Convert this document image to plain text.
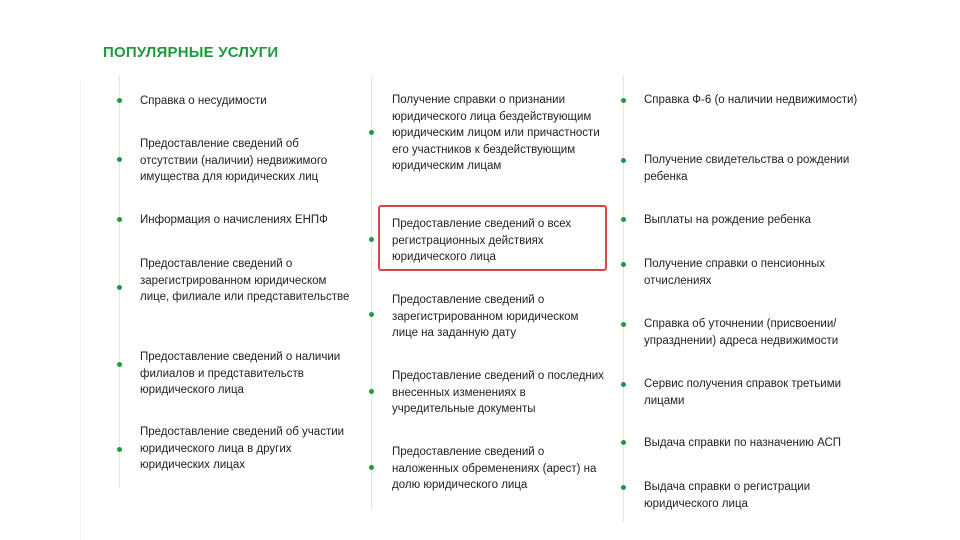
ПОПУЛЯРНЫЕ УСЛУГИ
Справка о несудимости
Предоставление сведений об отсутствии (наличии) недвижимого имущества для юридических лиц
Информация о начислениях ЕНПФ
Предоставление сведений о зарегистрированном юридическом лице, филиале или представительстве
Предоставление сведений о наличии филиалов и представительств юридического лица
Предоставление сведений об участии юридического лица в других юридических лицах
Получение справки о признании юридического лица бездействующим юридическим лицом или причастности его участников к бездействующим юридическим лицам
Предоставление сведений о всех регистрационных действиях юридического лица
Предоставление сведений о зарегистрированном юридическом лице на заданную дату
Предоставление сведений о последних внесенных изменениях в учредительные документы
Предоставление сведений о наложенных обременениях (арест) на долю юридического лица
Справка Ф-6 (о наличии недвижимости)
Получение свидетельства о рождении ребенка
Выплаты на рождение ребенка
Получение справки о пенсионных отчислениях
Справка об уточнении (присвоении/упразднении) адреса недвижимости
Сервис получения справок третьими лицами
Выдача справки по назначению АСП
Выдача справки о регистрации юридического лица
